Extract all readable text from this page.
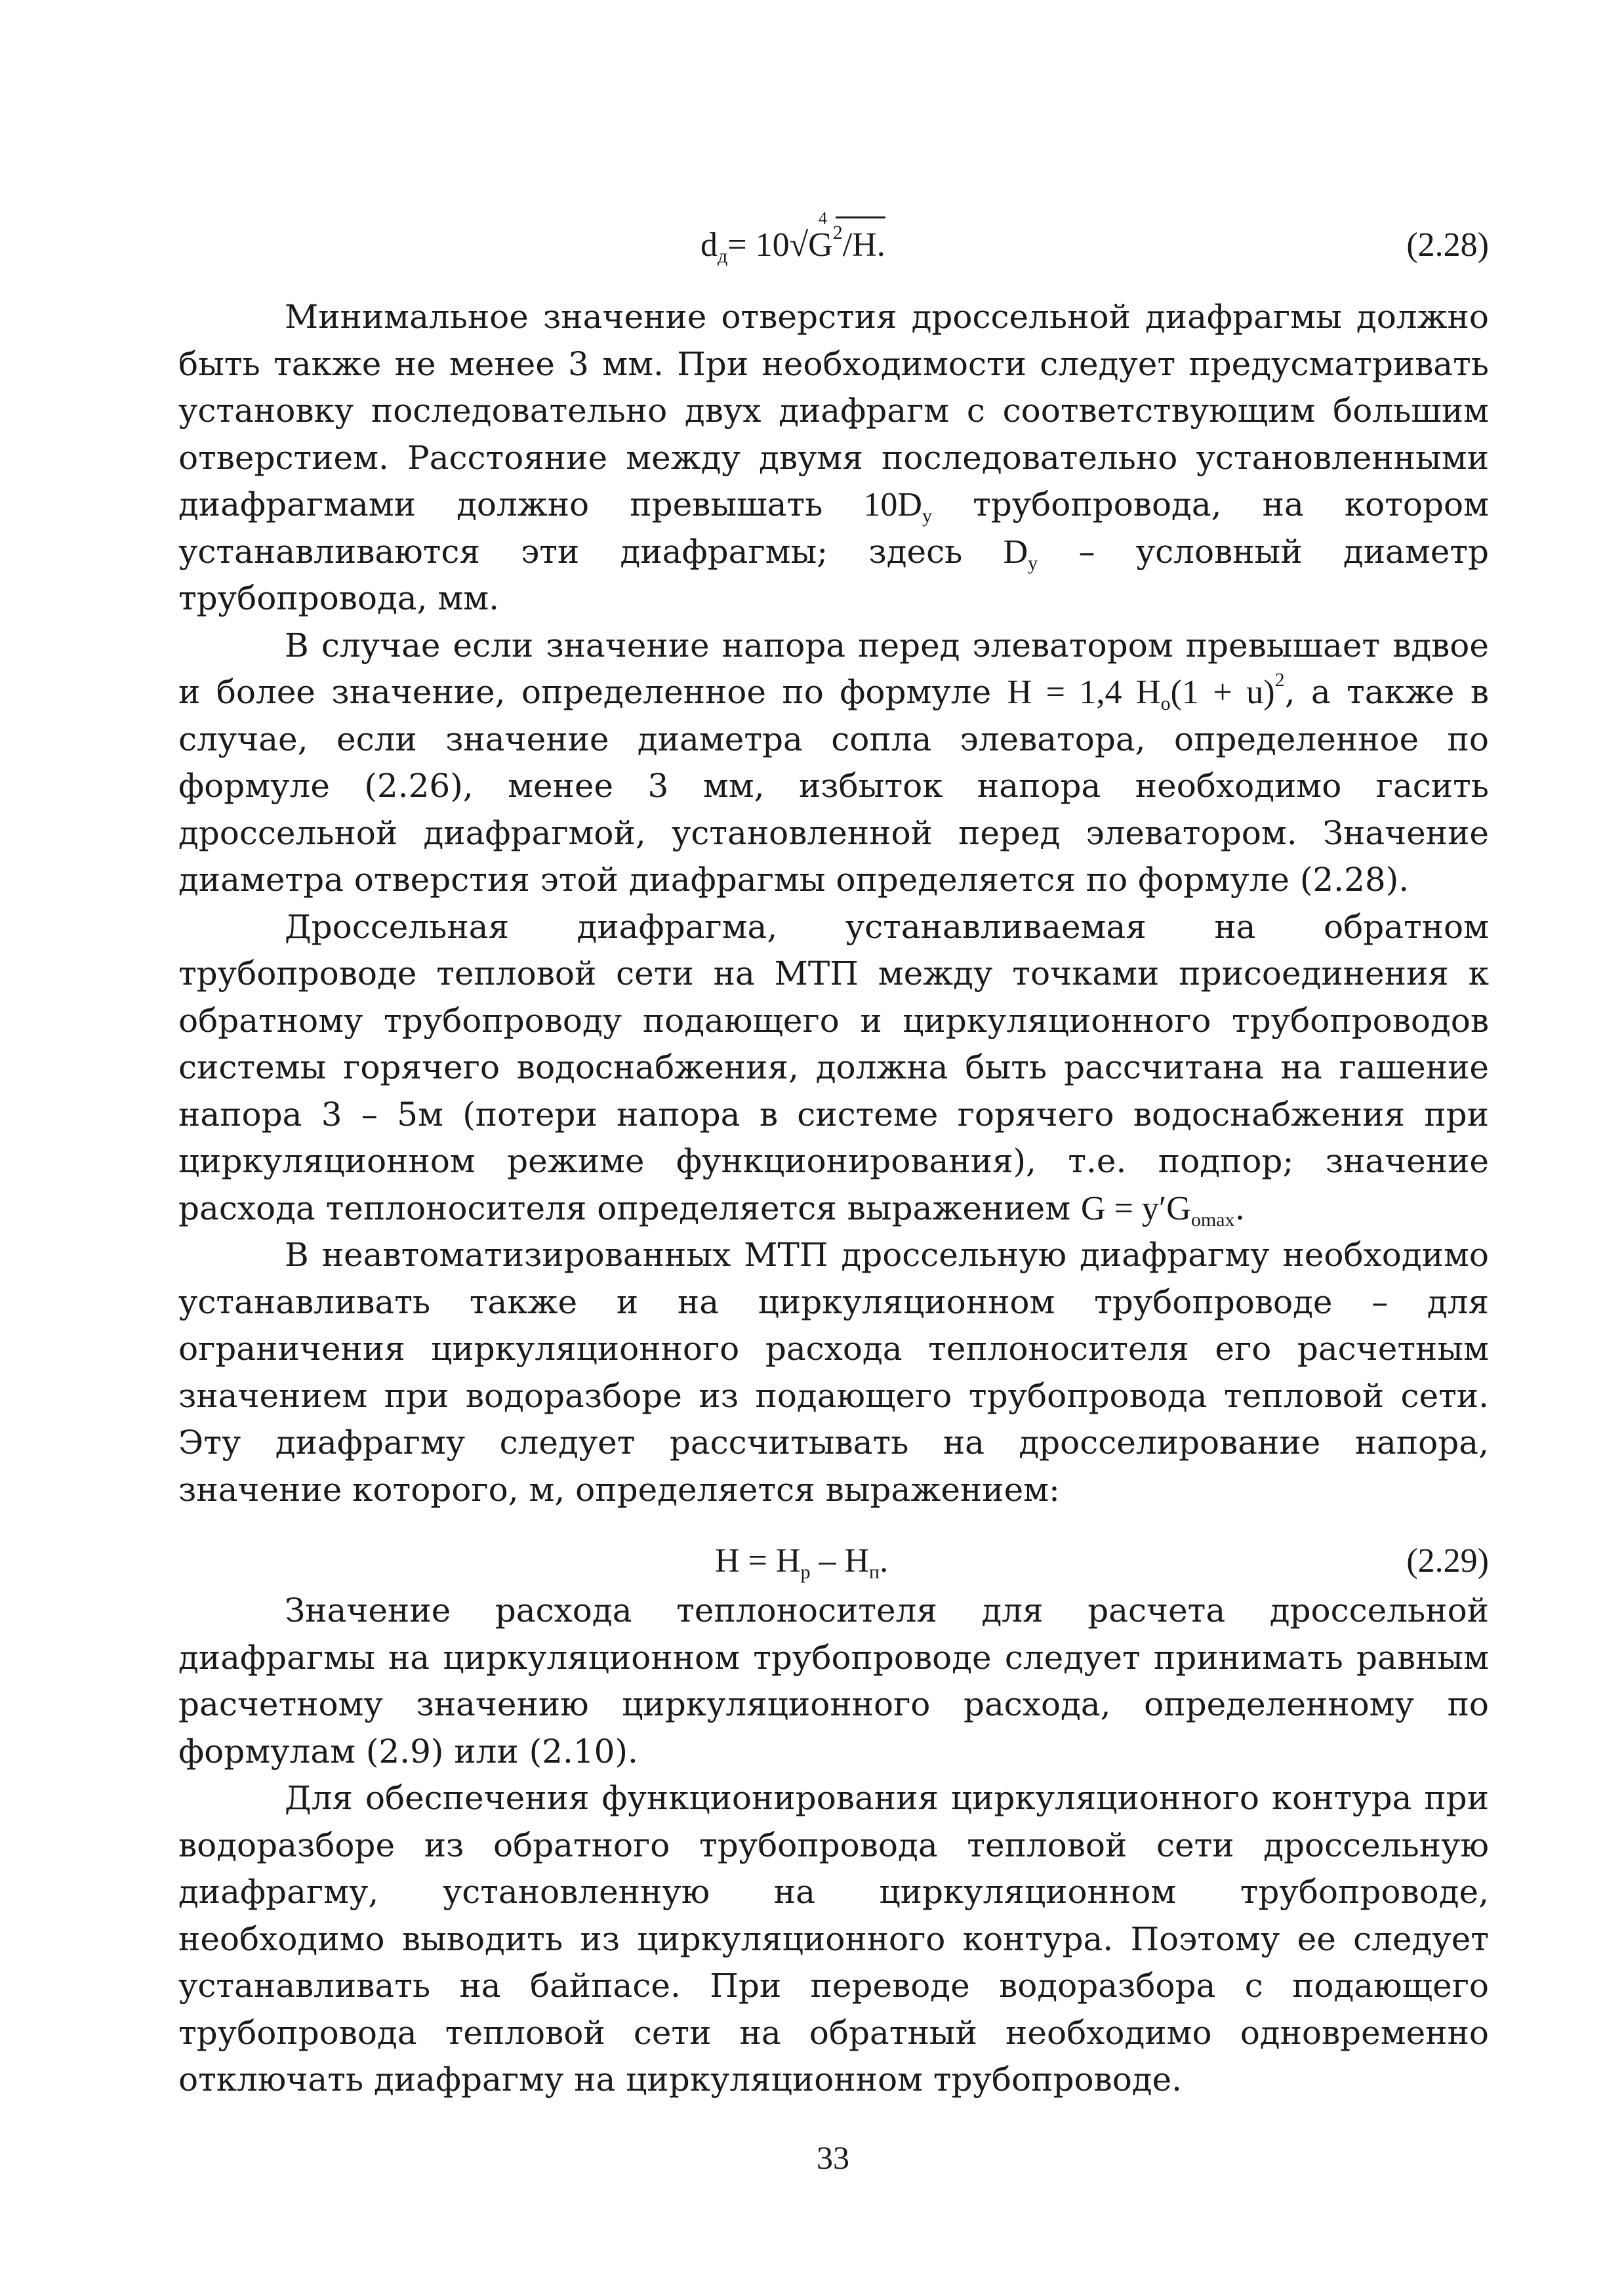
4
$d_д= 10√G^2/H$.	(2.28)

Минимальное значение отверстия дроссельной диафрагмы должно быть также не менее 3 мм. При необходимости следует предусматривать установку последовательно двух диафрагм с соответствующим большим отверстием. Расстояние между двумя последовательно установленными диафрагмами должно превышать $10D_у$ трубопровода, на котором устанавливаются эти диафрагмы; здесь $D_у$ – условный диаметр трубопровода, мм.

В случае если значение напора перед элеватором превышает вдвое и более значение, определенное по формуле H = 1,4 $H_о(1 + u)^2$, а также в случае, если значение диаметра сопла элеватора, определенное по формуле (2.26), менее 3 мм, избыток напора необходимо гасить дроссельной диафрагмой, установленной перед элеватором. Значение диаметра отверстия этой диафрагмы определяется по формуле (2.28).

Дроссельная диафрагма, устанавливаемая на обратном трубопроводе тепловой сети на МТП между точками присоединения к обратному трубопроводу подающего и циркуляционного трубопроводов системы горячего водоснабжения, должна быть рассчитана на гашение напора 3 – 5м (потери напора в системе горячего водоснабжения при циркуляционном режиме функционирования), т.е. подпор; значение расхода теплоносителя определяется выражением $G = y'G_{omax}$.

В неавтоматизированных МТП дроссельную диафрагму необходимо устанавливать также и на циркуляционном трубопроводе – для ограничения циркуляционного расхода теплоносителя его расчетным значением при водоразборе из подающего трубопровода тепловой сети. Эту диафрагму следует рассчитывать на дросселирование напора, значение которого, м, определяется выражением:

$H = H_p - H_п$.	(2.29)

Значение расхода теплоносителя для расчета дроссельной диафрагмы на циркуляционном трубопроводе следует принимать равным расчетному значению циркуляционного расхода, определенному по формулам (2.9) или (2.10).

Для обеспечения функционирования циркуляционного контура при водоразборе из обратного трубопровода тепловой сети дроссельную диафрагму, установленную на циркуляционном трубопроводе, необходимо выводить из циркуляционного контура. Поэтому ее следует устанавливать на байпасе. При переводе водоразбора с подающего трубопровода тепловой сети на обратный необходимо одновременно отключать диафрагму на циркуляционном трубопроводе.

33
